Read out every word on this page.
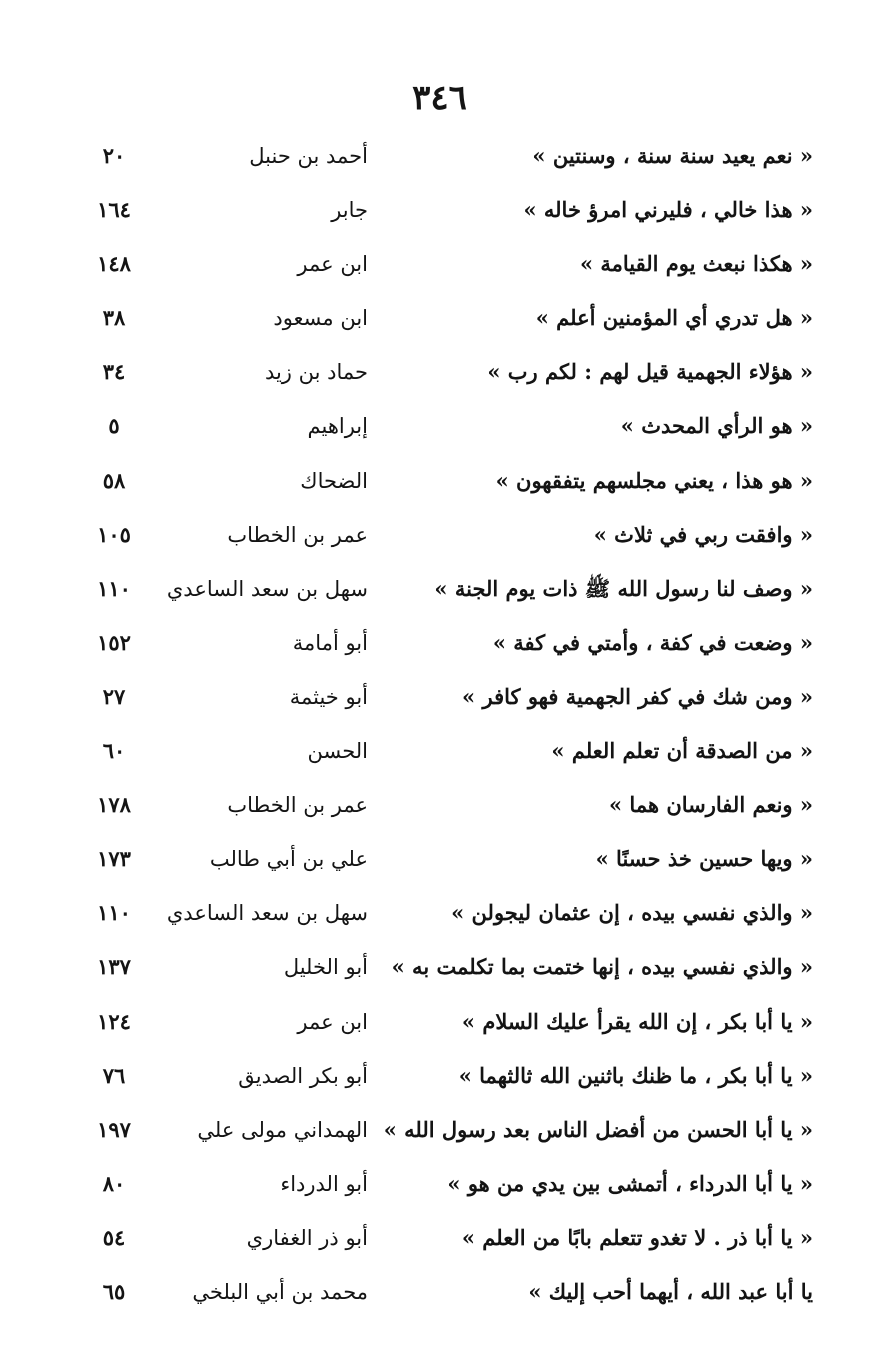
٣٤٦
« نعم يعيد سنة سنة ، وسنتين »
أحمد بن حنبل
٢٠
« هذا خالي ، فليرني امرؤ خاله »
جابر
١٦٤
« هكذا نبعث يوم القيامة »
ابن عمر
١٤٨
« هل تدري أي المؤمنين أعلم »
ابن مسعود
٣٨
« هؤلاء الجهمية قيل لهم : لكم رب »
حماد بن زيد
٣٤
« هو الرأي المحدث »
إبراهيم
٥
« هو هذا ، يعني مجلسهم يتفقهون »
الضحاك
٥٨
« وافقت ربي في ثلاث »
عمر بن الخطاب
١٠٥
« وصف لنا رسول الله ﷺ ذات يوم الجنة »
سهل بن سعد الساعدي
١١٠
« وضعت في كفة ، وأمتي في كفة »
أبو أمامة
١٥٢
« ومن شك في كفر الجهمية فهو كافر »
أبو خيثمة
٢٧
« من الصدقة أن تعلم العلم »
الحسن
٦٠
« ونعم الفارسان هما »
عمر بن الخطاب
١٧٨
« ويها حسين خذ حسنًا »
علي بن أبي طالب
١٧٣
« والذي نفسي بيده ، إن عثمان ليجولن »
سهل بن سعد الساعدي
١١٠
« والذي نفسي بيده ، إنها ختمت بما تكلمت به »
أبو الخليل
١٣٧
« يا أبا بكر ، إن الله يقرأ عليك السلام »
ابن عمر
١٢٤
« يا أبا بكر ، ما ظنك باثنين الله ثالثهما »
أبو بكر الصديق
٧٦
« يا أبا الحسن من أفضل الناس بعد رسول الله »
الهمداني مولى علي
١٩٧
« يا أبا الدرداء ، أتمشى بين يدي من هو »
أبو الدرداء
٨٠
« يا أبا ذر . لا تغدو تتعلم بابًا من العلم »
أبو ذر الغفاري
٥٤
يا أبا عبد الله ، أيهما أحب إليك »
محمد بن أبي البلخي
٦٥
